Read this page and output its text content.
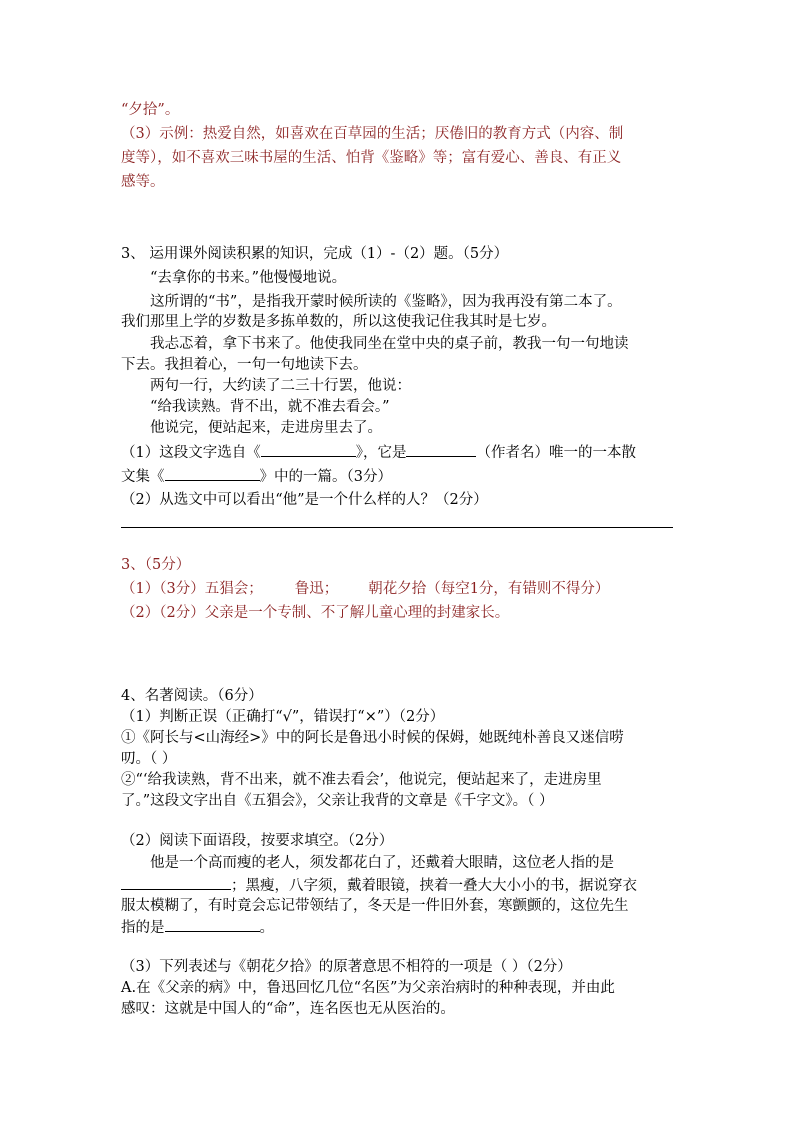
“夕拾”。
（3）示例：热爱自然，如喜欢在百草园的生活；厌倦旧的教育方式（内容、制
度等），如不喜欢三味书屋的生活、怕背《鉴略》等；富有爱心、善良、有正义
感等。
3、 运用课外阅读积累的知识，完成（1）-（2）题。（5分）
“去拿你的书来。”他慢慢地说。
这所谓的“书”，是指我开蒙时候所读的《鉴略》，因为我再没有第二本了。
我们那里上学的岁数是多拣单数的，所以这使我记住我其时是七岁。
我忐忑着，拿下书来了。他使我同坐在堂中央的桌子前，教我一句一句地读
下去。我担着心，一句一句地读下去。
两句一行，大约读了二三十行罢，他说：
“给我读熟。背不出，就不准去看会。”
他说完，便站起来，走进房里去了。
（1）这段文字选自《	》，它是	（作者名）唯一的一本散
文集《	》中的一篇。（3分）
（2）从选文中可以看出“他”是一个什么样的人？（2分）
3、（5分）
（1）（3分）五猖会； 鲁迅； 朝花夕拾（每空1分，有错则不得分）
（2）（2分）父亲是一个专制、不了解儿童心理的封建家长。
4、名著阅读。（6分）
（1）判断正误（正确打“√”，错误打“×”）（2分）
①《阿长与<山海经>》中的阿长是鲁迅小时候的保姆，她既纯朴善良又迷信唠
叨。（ ）
②“‘给我读熟，背不出来，就不准去看会’，他说完，便站起来了，走进房里
了。”这段文字出自《五猖会》，父亲让我背的文章是《千字文》。（ ）
（2）阅读下面语段，按要求填空。（2分）
他是一个高而瘦的老人，须发都花白了，还戴着大眼睛，这位老人指的是
；黑瘦，八字须，戴着眼镜，挟着一叠大大小小的书，据说穿衣
服太模糊了，有时竟会忘记带领结了，冬天是一件旧外套，寒颤颤的，这位先生
指的是	。
（3）下列表述与《朝花夕拾》的原著意思不相符的一项是（ ）（2分）
A.在《父亲的病》中，鲁迅回忆几位“名医”为父亲治病时的种种表现，并由此
感叹：这就是中国人的“命”，连名医也无从医治的。
